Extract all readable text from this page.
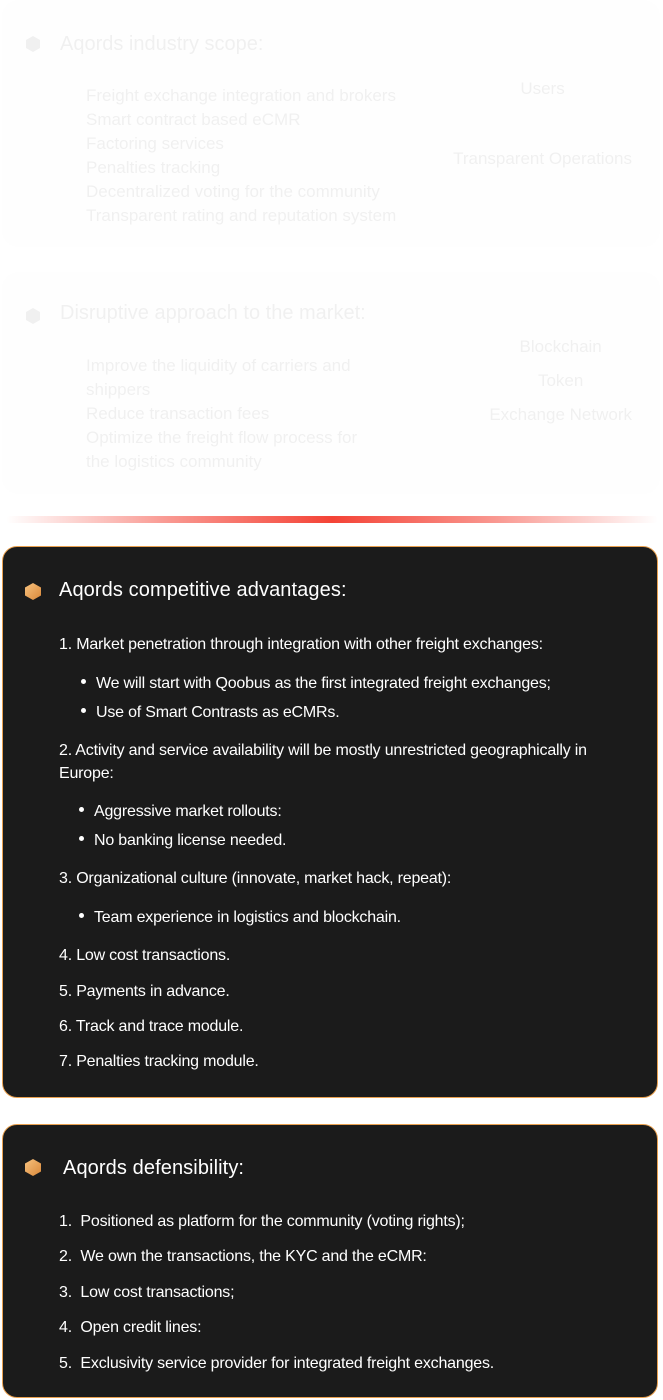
Aqords industry scope:
Freight exchange integration and brokers
Smart contract based eCMR
Factoring services
Penalties tracking
Decentralized voting for the community
Transparent rating and reputation system
Users
Transparent Operations
Disruptive approach to the market:
Improve the liquidity of carriers and
shippers
Reduce transaction fees
Optimize the freight flow process for
the logistics community
Blockchain
Token
Exchange Network
Aqords competitive advantages:
1. Market penetration through integration with other freight exchanges:
We will start with Qoobus as the first integrated freight exchanges;
Use of Smart Contrasts as eCMRs.
2. Activity and service availability will be mostly unrestricted geographically in Europe:
Aggressive market rollouts:
No banking license needed.
3. Organizational culture (innovate, market hack, repeat):
Team experience in logistics and blockchain.
4. Low cost transactions.
5. Payments in advance.
6. Track and trace module.
7. Penalties tracking module.
Aqords defensibility:
1.  Positioned as platform for the community (voting rights);
2.  We own the transactions, the KYC and the eCMR:
3.  Low cost transactions;
4.  Open credit lines:
5.  Exclusivity service provider for integrated freight exchanges.
